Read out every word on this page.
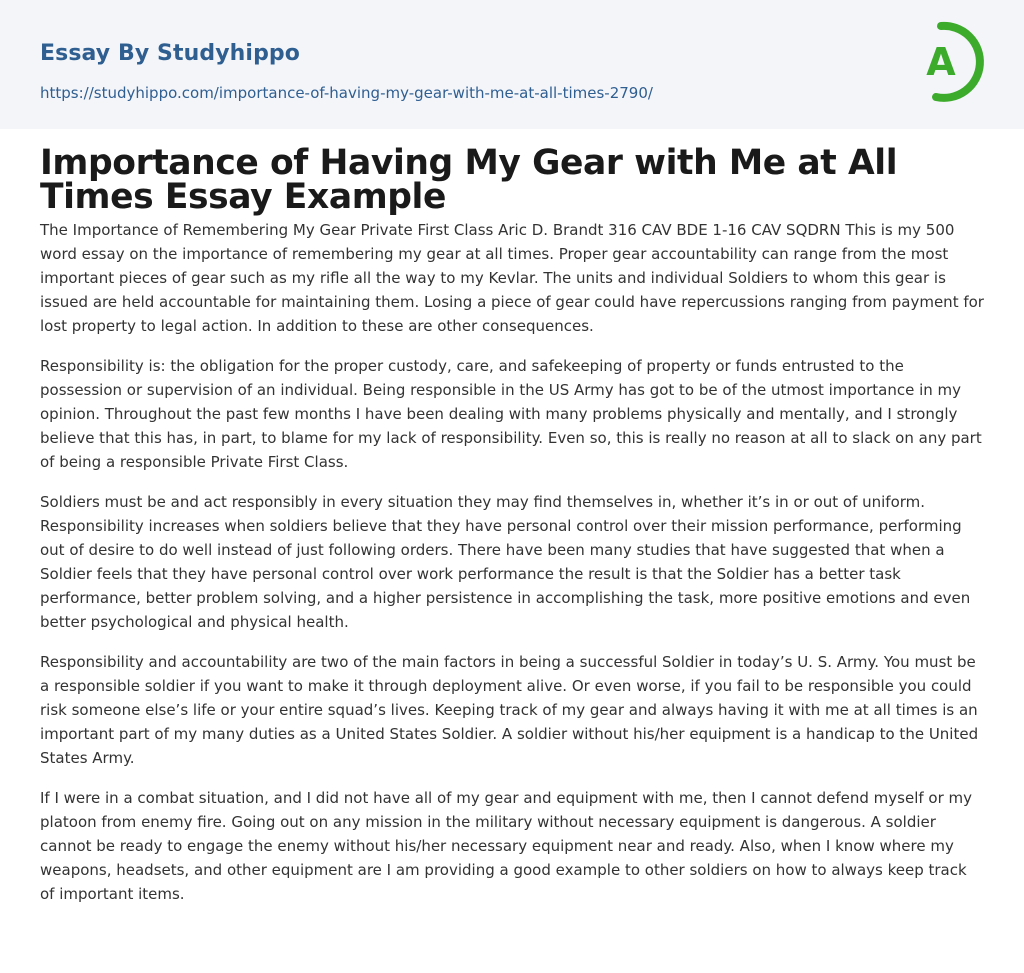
Essay By Studyhippo
https://studyhippo.com/importance-of-having-my-gear-with-me-at-all-times-2790/
A
Importance of Having My Gear with Me at All Times Essay Example

The Importance of Remembering My Gear Private First Class Aric D. Brandt 316 CAV BDE 1-16 CAV SQDRN This is my 500 word essay on the importance of remembering my gear at all times. Proper gear accountability can range from the most important pieces of gear such as my rifle all the way to my Kevlar. The units and individual Soldiers to whom this gear is issued are held accountable for maintaining them. Losing a piece of gear could have repercussions ranging from payment for lost property to legal action. In addition to these are other consequences.

Responsibility is: the obligation for the proper custody, care, and safekeeping of property or funds entrusted to the possession or supervision of an individual. Being responsible in the US Army has got to be of the utmost importance in my opinion. Throughout the past few months I have been dealing with many problems physically and mentally, and I strongly believe that this has, in part, to blame for my lack of responsibility. Even so, this is really no reason at all to slack on any part of being a responsible Private First Class.

Soldiers must be and act responsibly in every situation they may find themselves in, whether it’s in or out of uniform. Responsibility increases when soldiers believe that they have personal control over their mission performance, performing out of desire to do well instead of just following orders. There have been many studies that have suggested that when a Soldier feels that they have personal control over work performance the result is that the Soldier has a better task performance, better problem solving, and a higher persistence in accomplishing the task, more positive emotions and even better psychological and physical health.

Responsibility and accountability are two of the main factors in being a successful Soldier in today’s U. S. Army. You must be a responsible soldier if you want to make it through deployment alive. Or even worse, if you fail to be responsible you could risk someone else’s life or your entire squad’s lives. Keeping track of my gear and always having it with me at all times is an important part of my many duties as a United States Soldier. A soldier without his/her equipment is a handicap to the United States Army.

If I were in a combat situation, and I did not have all of my gear and equipment with me, then I cannot defend myself or my platoon from enemy fire. Going out on any mission in the military without necessary equipment is dangerous. A soldier cannot be ready to engage the enemy without his/her necessary equipment near and ready. Also, when I know where my weapons, headsets, and other equipment are I am providing a good example to other soldiers on how to always keep track of important items.
